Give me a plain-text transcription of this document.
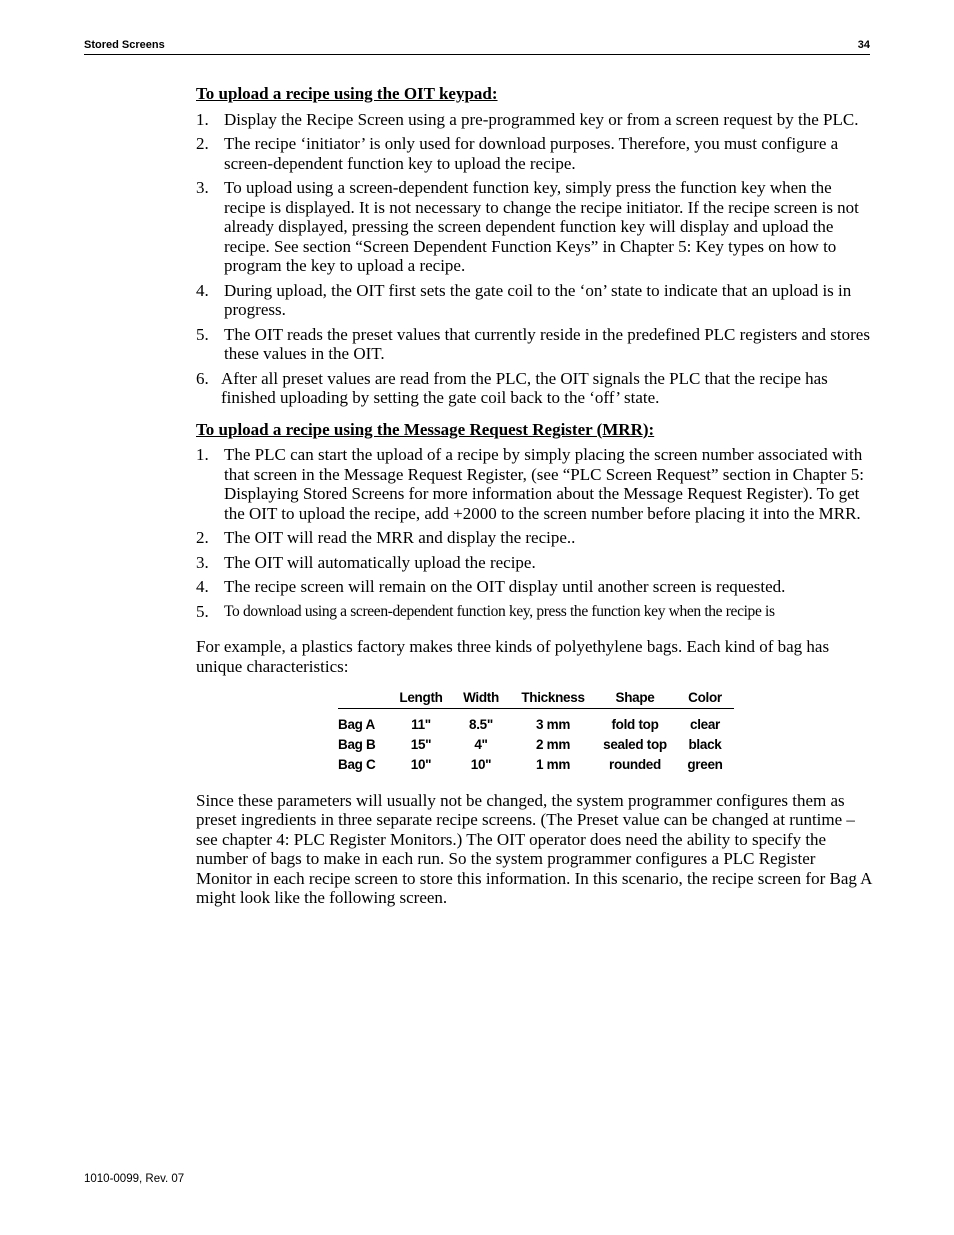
Stored Screens	34
To upload a recipe using the OIT keypad:
1. Display the Recipe Screen using a pre-programmed key or from a screen request by the PLC.
2. The recipe ‘initiator’ is only used for download purposes. Therefore, you must configure a screen-dependent function key to upload the recipe.
3. To upload using a screen-dependent function key, simply press the function key when the recipe is displayed. It is not necessary to change the recipe initiator. If the recipe screen is not already displayed, pressing the screen dependent function key will display and upload the recipe. See section “Screen Dependent Function Keys” in Chapter 5: Key types on how to program the key to upload a recipe.
4. During upload, the OIT first sets the gate coil to the ‘on’ state to indicate that an upload is in progress.
5. The OIT reads the preset values that currently reside in the predefined PLC registers and stores these values in the OIT.
6. After all preset values are read from the PLC, the OIT signals the PLC that the recipe has finished uploading by setting the gate coil back to the ‘off’ state.
To upload a recipe using the Message Request Register (MRR):
1. The PLC can start the upload of a recipe by simply placing the screen number associated with that screen in the Message Request Register, (see “PLC Screen Request” section in Chapter 5: Displaying Stored Screens for more information about the Message Request Register). To get the OIT to upload the recipe, add +2000 to the screen number before placing it into the MRR.
2. The OIT will read the MRR and display the recipe..
3. The OIT will automatically upload the recipe.
4. The recipe screen will remain on the OIT display until another screen is requested.
5. To download using a screen-dependent function key, press the function key when the recipe is

For example, a plastics factory makes three kinds of polyethylene bags. Each kind of bag has unique characteristics:

	Length	Width	Thickness	Shape	Color
Bag A	11"	8.5"	3 mm	fold top	clear
Bag B	15"	4"	2 mm	sealed top	black
Bag C	10"	10"	1 mm	rounded	green

Since these parameters will usually not be changed, the system programmer configures them as preset ingredients in three separate recipe screens. (The Preset value can be changed at runtime – see chapter 4: PLC Register Monitors.) The OIT operator does need the ability to specify the number of bags to make in each run. So the system programmer configures a PLC Register Monitor in each recipe screen to store this information. In this scenario, the recipe screen for Bag A might look like the following screen.

1010-0099, Rev. 07
